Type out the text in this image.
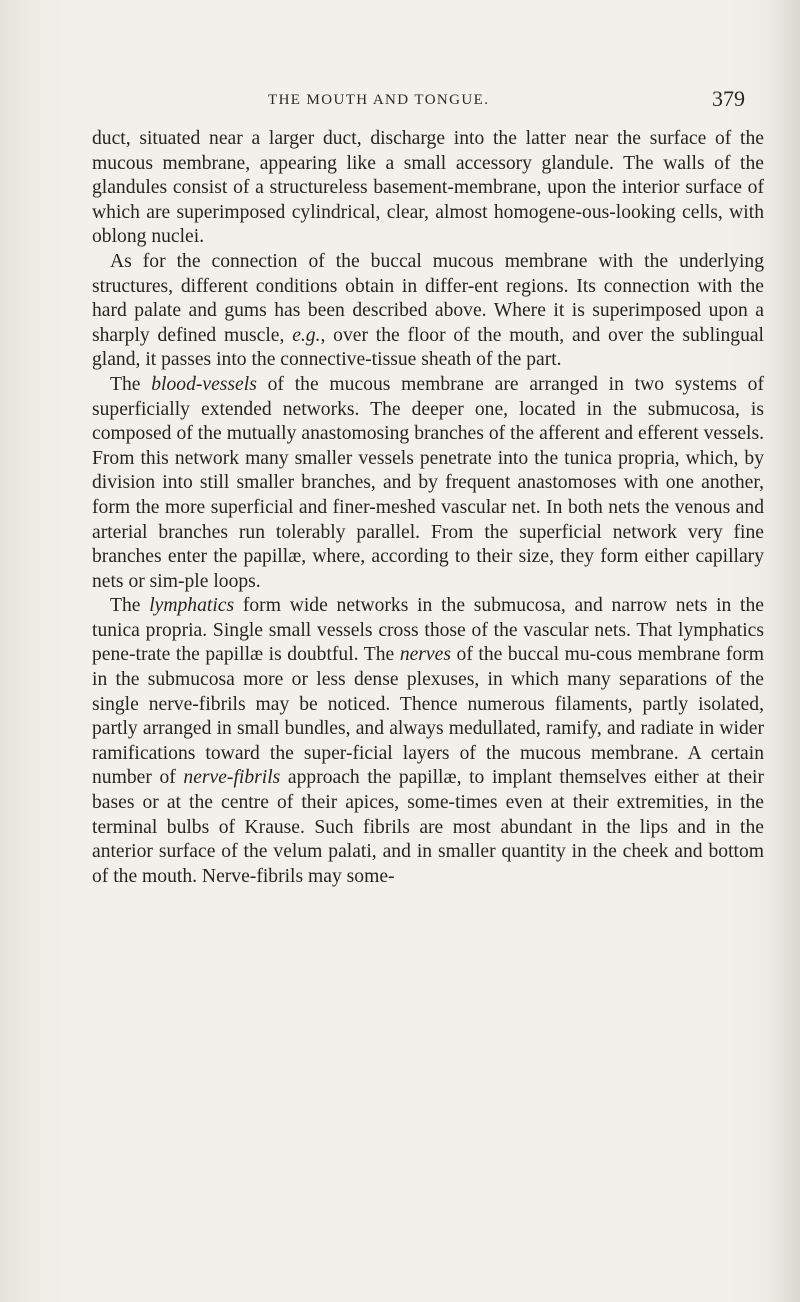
THE MOUTH AND TONGUE.	379

duct, situated near a larger duct, discharge into the latter near the surface of the mucous membrane, appearing like a small accessory glandule. The walls of the glandules consist of a structureless basement-membrane, upon the interior surface of which are superimposed cylindrical, clear, almost homogene-ous-looking cells, with oblong nuclei.

As for the connection of the buccal mucous membrane with the underlying structures, different conditions obtain in differ-ent regions. Its connection with the hard palate and gums has been described above. Where it is superimposed upon a sharply defined muscle, e.g., over the floor of the mouth, and over the sublingual gland, it passes into the connective-tissue sheath of the part.

The blood-vessels of the mucous membrane are arranged in two systems of superficially extended networks. The deeper one, located in the submucosa, is composed of the mutually anastomosing branches of the afferent and efferent vessels. From this network many smaller vessels penetrate into the tunica propria, which, by division into still smaller branches, and by frequent anastomoses with one another, form the more superficial and finer-meshed vascular net. In both nets the venous and arterial branches run tolerably parallel. From the superficial network very fine branches enter the papillæ, where, according to their size, they form either capillary nets or sim-ple loops.

The lymphatics form wide networks in the submucosa, and narrow nets in the tunica propria. Single small vessels cross those of the vascular nets. That lymphatics pene-trate the papillæ is doubtful. The nerves of the buccal mu-cous membrane form in the submucosa more or less dense plexuses, in which many separations of the single nerve-fibrils may be noticed. Thence numerous filaments, partly isolated, partly arranged in small bundles, and always medullated, ramify, and radiate in wider ramifications toward the super-ficial layers of the mucous membrane. A certain number of nerve-fibrils approach the papillæ, to implant themselves either at their bases or at the centre of their apices, some-times even at their extremities, in the terminal bulbs of Krause. Such fibrils are most abundant in the lips and in the anterior surface of the velum palati, and in smaller quantity in the cheek and bottom of the mouth. Nerve-fibrils may some-
